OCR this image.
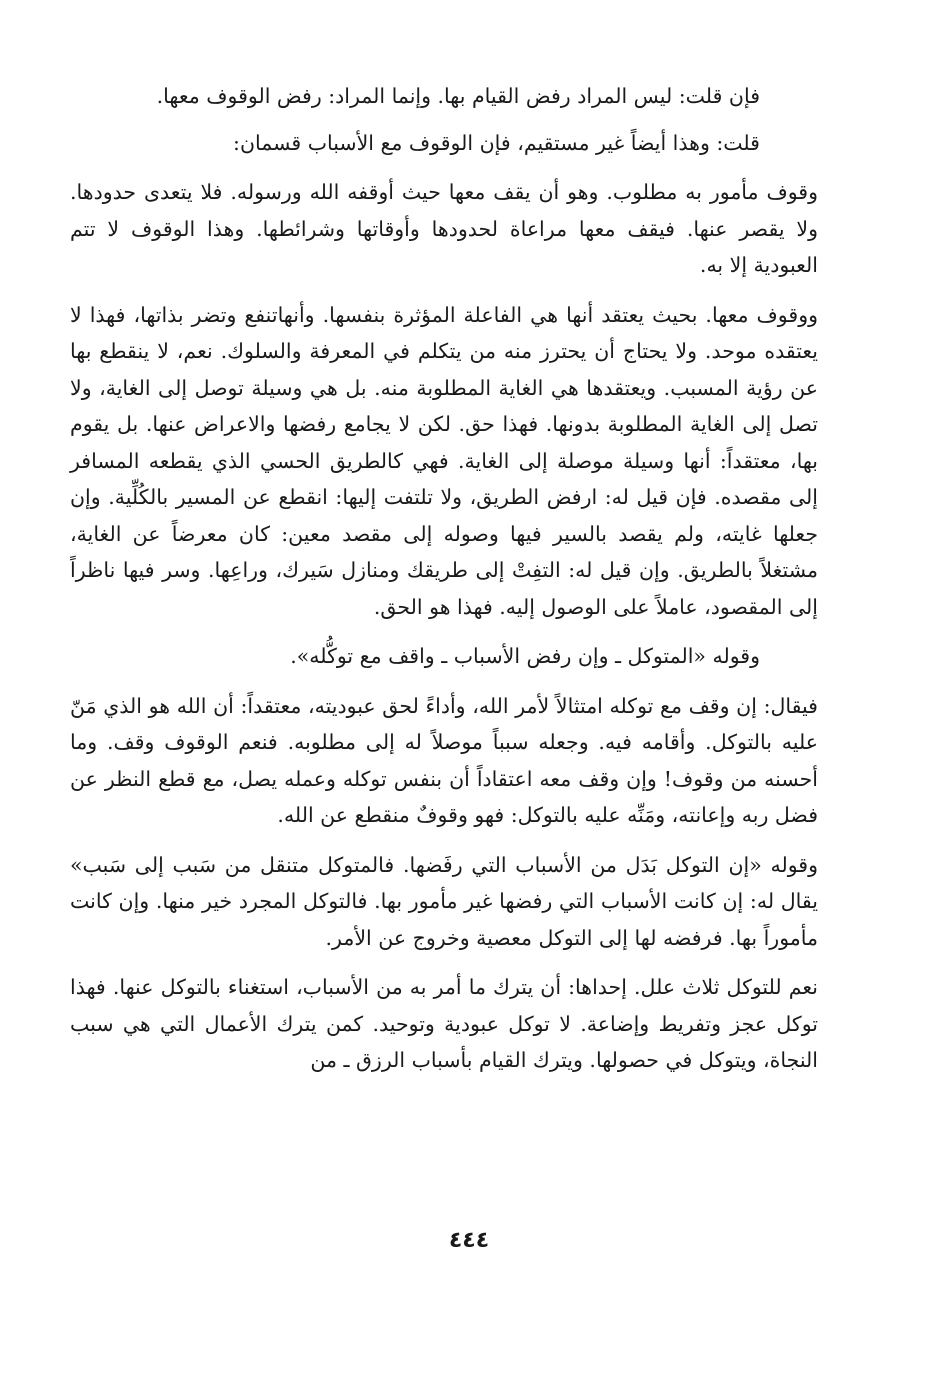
فإن قلت: ليس المراد رفض القيام بها. وإنما المراد: رفض الوقوف معها.

قلت: وهذا أيضاً غير مستقيم، فإن الوقوف مع الأسباب قسمان:

وقوف مأمور به مطلوب. وهو أن يقف معها حيث أوقفه الله ورسوله. فلا يتعدى حدودها. ولا يقصر عنها. فيقف معها مراعاة لحدودها وأوقاتها وشرائطها. وهذا الوقوف لا تتم العبودية إلا به.

ووقوف معها. بحيث يعتقد أنها هي الفاعلة المؤثرة بنفسها. وأنهاتنفع وتضر بذاتها، فهذا لا يعتقده موحد. ولا يحتاج أن يحترز منه من يتكلم في المعرفة والسلوك. نعم، لا ينقطع بها عن رؤية المسبب. ويعتقدها هي الغاية المطلوبة منه. بل هي وسيلة توصل إلى الغاية، ولا تصل إلى الغاية المطلوبة بدونها. فهذا حق. لكن لا يجامع رفضها والاعراض عنها. بل يقوم بها، معتقداً: أنها وسيلة موصلة إلى الغاية. فهي كالطريق الحسي الذي يقطعه المسافر إلى مقصده. فإن قيل له: ارفض الطريق، ولا تلتفت إليها: انقطع عن المسير بالكُلِّية. وإن جعلها غايته، ولم يقصد بالسير فيها وصوله إلى مقصد معين: كان معرضاً عن الغاية، مشتغلاً بالطريق. وإن قيل له: التفِتْ إلى طريقك ومنازل سَيرك، وراعِها. وسر فيها ناظراً إلى المقصود، عاملاً على الوصول إليه. فهذا هو الحق.

وقوله «المتوكل ـ وإن رفض الأسباب ـ واقف مع توكُّله».

فيقال: إن وقف مع توكله امتثالاً لأمر الله، وأداءً لحق عبوديته، معتقداً: أن الله هو الذي مَنّ عليه بالتوكل. وأقامه فيه. وجعله سبباً موصلاً له إلى مطلوبه. فنعم الوقوف وقف. وما أحسنه من وقوف! وإن وقف معه اعتقاداً أن بنفس توكله وعمله يصل، مع قطع النظر عن فضل ربه وإعانته، ومَنِّه عليه بالتوكل: فهو وقوفٌ منقطع عن الله.

وقوله «إن التوكل بَدَل من الأسباب التي رفَضها. فالمتوكل متنقل من سَبب إلى سَبب» يقال له: إن كانت الأسباب التي رفضها غير مأمور بها. فالتوكل المجرد خير منها. وإن كانت مأموراً بها. فرفضه لها إلى التوكل معصية وخروج عن الأمر.

نعم للتوكل ثلاث علل. إحداها: أن يترك ما أمر به من الأسباب، استغناء بالتوكل عنها. فهذا توكل عجز وتفريط وإضاعة. لا توكل عبودية وتوحيد. كمن يترك الأعمال التي هي سبب النجاة، ويتوكل في حصولها. ويترك القيام بأسباب الرزق ـ من

٤٤٤
